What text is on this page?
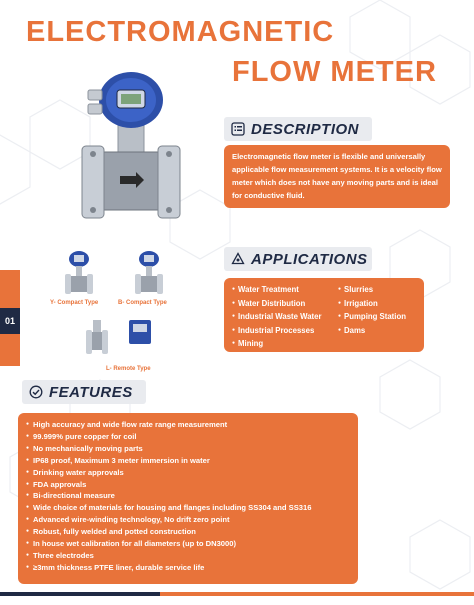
ELECTROMAGNETIC
FLOW METER
DESCRIPTION

Electromagnetic flow meter is flexible and universally applicable flow measurement systems. It is a velocity flow meter which does not have any moving parts and is ideal for conductive fluid.

Y- Compact Type	B- Compact Type
L- Remote Type
01
APPLICATIONS
● Water Treatment
● Water Distribution
● Industrial Waste Water
● Industrial Processes
● Mining
● Slurries
● Irrigation
● Pumping Station
● Dams
FEATURES
● High accuracy and wide flow rate range measurement
● 99.999% pure copper for coil
● No mechanically moving parts
● IP68 proof, Maximum 3 meter immersion in water
● Drinking water approvals
● FDA approvals
● Bi-directional measure
● Wide choice of materials for housing and flanges including SS304 and SS316
● Advanced wire-winding technology, No drift zero point
● Robust, fully welded and potted construction
● In house wet calibration for all diameters (up to DN3000)
● Three electrodes
● ≥3mm thickness PTFE liner, durable service life
